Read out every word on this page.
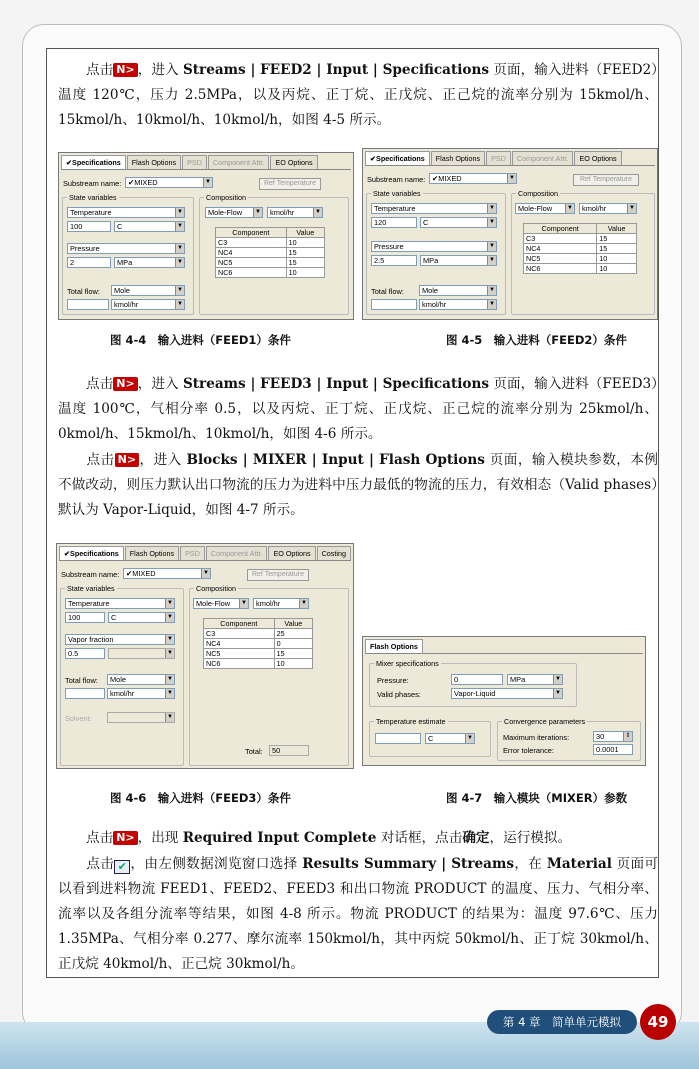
点击 N> ，进入 Streams | FEED2 | Input | Specifications 页面，输入进料（FEED2）温度 120℃，压力 2.5MPa，以及丙烷、正丁烷、正戊烷、正己烷的流率分别为 15kmol/h、15kmol/h、10kmol/h、10kmol/h，如图 4-5 所示。
✔Specifications	Flash Options	PSD	Component Attr.	EO Options
Substream name: ✔MIXED	▼	Ref Temperature
State variables
Temperature	▼
100	C	▼
Pressure	▼
2	MPa	▼
Total flow:	Mole	▼
kmol/hr	▼
Composition
Mole-Flow	▼	kmol/hr	▼
Component	Value
C3	10
NC4	15
NC5	15
NC6	10
图 4-4　输入进料（FEED1）条件
✔Specifications	Flash Options	PSD	Component Attr.	EO Options
Substream name: ✔MIXED	▼	Ref Temperature
State variables
Temperature	▼
120	C	▼
Pressure	▼
2.5	MPa	▼
Total flow:	Mole	▼
kmol/hr	▼
Composition
Mole-Flow	▼	kmol/hr	▼
Component	Value
C3	15
NC4	15
NC5	10
NC6	10
图 4-5　输入进料（FEED2）条件
点击 N> ，进入 Streams | FEED3 | Input | Specifications 页面，输入进料（FEED3）温度 100℃，气相分率 0.5，以及丙烷、正丁烷、正戊烷、正己烷的流率分别为 25kmol/h、0kmol/h、15kmol/h、10kmol/h，如图 4-6 所示。
点击 N> ，进入 Blocks | MIXER | Input | Flash Options 页面，输入模块参数，本例不做改动，则压力默认出口物流的压力为进料中压力最低的物流的压力，有效相态（Valid phases）默认为 Vapor-Liquid，如图 4-7 所示。
✔Specifications	Flash Options	PSD	Component Attr.	EO Options	Costing
Substream name: ✔MIXED	▼	Ref Temperature
State variables
Temperature	▼
100	C	▼
Vapor fraction	▼
0.5	▼
Total flow:	Mole	▼
kmol/hr	▼
Solvent:	▼
Composition
Mole-Flow	▼	kmol/hr	▼
Component	Value
C3	25
NC4	0
NC5	15
NC6	10
Total:	50
图 4-6　输入进料（FEED3）条件
Flash Options
Mixer specifications
Pressure:	0	MPa	▼
Valid phases:	Vapor-Liquid	▼
Temperature estimate
C	▼
Convergence parameters
Maximum iterations:	30	⇕
Error tolerance:	0.0001
图 4-7　输入模块（MIXER）参数
点击 N> ，出现 Required Input Complete 对话框，点击确定，运行模拟。
点击 ✔ ，由左侧数据浏览窗口选择 Results Summary | Streams，在 Material 页面可以看到进料物流 FEED1、FEED2、FEED3 和出口物流 PRODUCT 的温度、压力、气相分率、流率以及各组分流率等结果，如图 4-8 所示。物流 PRODUCT 的结果为：温度 97.6℃、压力 1.35MPa、气相分率 0.277、摩尔流率 150kmol/h，其中丙烷 50kmol/h、正丁烷 30kmol/h、正戊烷 40kmol/h、正己烷 30kmol/h。
第 4 章　简单单元模拟	49
